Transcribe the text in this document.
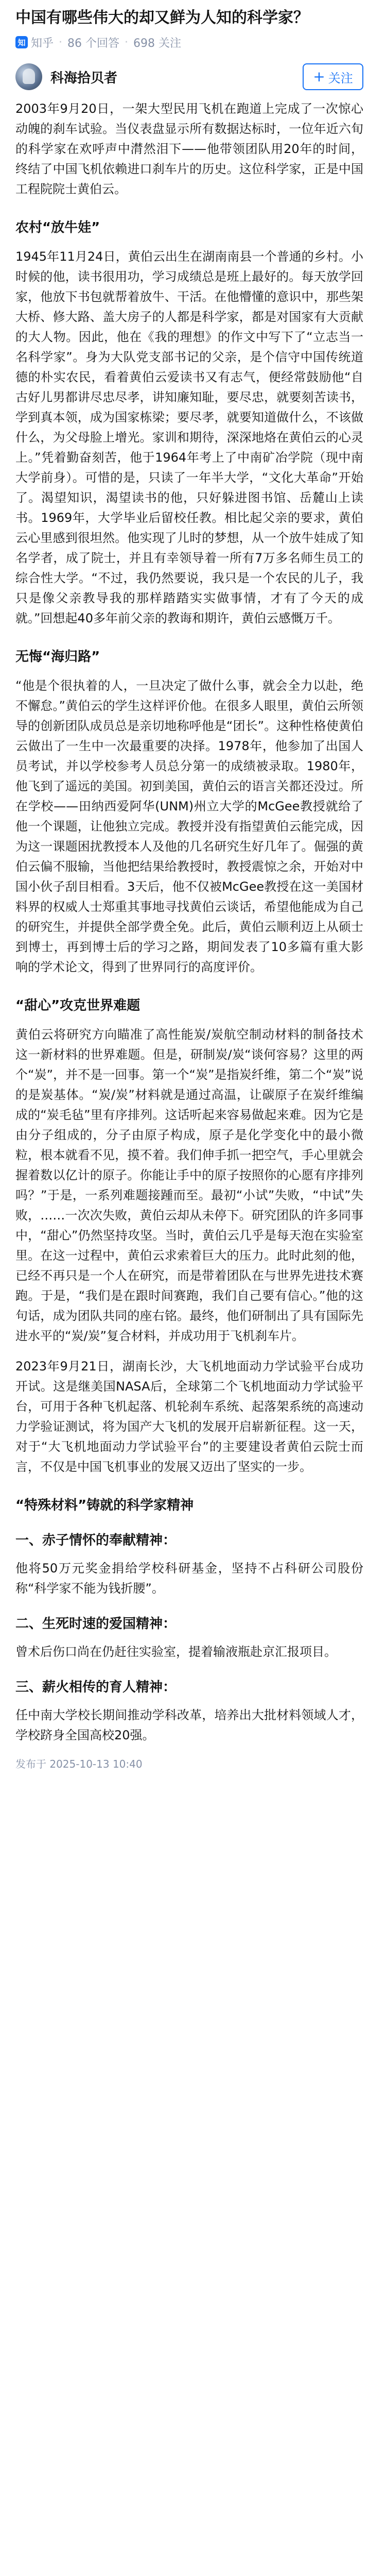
中国有哪些伟大的却又鲜为人知的科学家？
知 知乎 · 86 个回答 · 698 关注
科海拾贝者	+ 关注

2003年9月20日，一架大型民用飞机在跑道上完成了一次惊心动魄的刹车试验。当仪表盘显示所有数据达标时，一位年近六旬的科学家在欢呼声中潸然泪下——他带领团队用20年的时间，终结了中国飞机依赖进口刹车片的历史。这位科学家，正是中国工程院院士黄伯云。

农村“放牛娃”

1945年11月24日，黄伯云出生在湖南南县一个普通的乡村。小时候的他，读书很用功，学习成绩总是班上最好的。每天放学回家，他放下书包就帮着放牛、干活。在他懵懂的意识中，那些架大桥、修大路、盖大房子的人都是科学家，都是对国家有大贡献的大人物。因此，他在《我的理想》的作文中写下了“立志当一名科学家”。身为大队党支部书记的父亲，是个信守中国传统道德的朴实农民，看着黄伯云爱读书又有志气，便经常鼓励他“自古好儿男都讲尽忠尽孝，讲知廉知耻，要尽忠，就要刻苦读书，学到真本领，成为国家栋梁；要尽孝，就要知道做什么，不该做什么，为父母脸上增光。家训和期待，深深地烙在黄伯云的心灵上。”凭着勤奋刻苦，他于1964年考上了中南矿冶学院（现中南大学前身）。可惜的是，只读了一年半大学，“文化大革命”开始了。渴望知识，渴望读书的他，只好躲进图书馆、岳麓山上读书。1969年，大学毕业后留校任教。相比起父亲的要求，黄伯云心里感到很坦然。他实现了儿时的梦想，从一个放牛娃成了知名学者，成了院士，并且有幸领导着一所有7万多名师生员工的综合性大学。“不过，我仍然要说，我只是一个农民的儿子，我只是像父亲教导我的那样踏踏实实做事情，才有了今天的成就。”回想起40多年前父亲的教诲和期许，黄伯云感慨万千。

无悔“海归路”

“他是个很执着的人，一旦决定了做什么事，就会全力以赴，绝不懈怠。”黄伯云的学生这样评价他。在很多人眼里，黄伯云所领导的创新团队成员总是亲切地称呼他是“团长”。这种性格使黄伯云做出了一生中一次最重要的决择。1978年，他参加了出国人员考试，并以学校参考人员总分第一的成绩被录取。1980年，他飞到了遥远的美国。初到美国，黄伯云的语言关都还没过。所在学校——田纳西爱阿华(UNM)州立大学的McGee教授就给了他一个课题，让他独立完成。教授并没有指望黄伯云能完成，因为这一课题困扰教授本人及他的几名研究生好几年了。倔强的黄伯云偏不服输，当他把结果给教授时，教授震惊之余，开始对中国小伙子刮目相看。3天后，他不仅被McGee教授在这一美国材料界的权威人士郑重其事地寻找黄伯云谈话，希望他能成为自己的研究生，并提供全部学费全免。此后，黄伯云顺利迈上从硕士到博士，再到博士后的学习之路，期间发表了10多篇有重大影响的学术论文，得到了世界同行的高度评价。

“甜心”攻克世界难题

黄伯云将研究方向瞄准了高性能炭/炭航空制动材料的制备技术这一新材料的世界难题。但是，研制炭/炭“谈何容易？这里的两个“炭”，并不是一回事。第一个“炭”是指炭纤维，第二个“炭”说的是炭基体。“炭/炭”材料就是通过高温，让碳原子在炭纤维编成的“炭毛毡”里有序排列。这话听起来容易做起来难。因为它是由分子组成的，分子由原子构成，原子是化学变化中的最小微粒，根本就看不见，摸不着。我们伸手抓一把空气，手心里就会握着数以亿计的原子。你能让手中的原子按照你的心愿有序排列吗？”于是，一系列难题接踵而至。最初“小试”失败，“中试”失败，……一次次失败，黄伯云却从未停下。研究团队的许多同事中，“甜心”仍然坚持攻坚。当时，黄伯云几乎是每天泡在实验室里。在这一过程中，黄伯云求索着巨大的压力。此时此刻的他，已经不再只是一个人在研究，而是带着团队在与世界先进技术赛跑。于是，“我们是在跟时间赛跑，我们自己要有信心。”他的这句话，成为团队共同的座右铭。最终，他们研制出了具有国际先进水平的“炭/炭”复合材料，并成功用于飞机刹车片。

2023年9月21日，湖南长沙，大飞机地面动力学试验平台成功开试。这是继美国NASA后，全球第二个飞机地面动力学试验平台，可用于各种飞机起落、机轮刹车系统、起落架系统的高速动力学验证测试，将为国产大飞机的发展开启崭新征程。这一天，对于“大飞机地面动力学试验平台”的主要建设者黄伯云院士而言，不仅是中国飞机事业的发展又迈出了坚实的一步。

“特殊材料”铸就的科学家精神
一、赤子情怀的奉献精神：

他将50万元奖金捐给学校科研基金，坚持不占科研公司股份称“科学家不能为钱折腰”。

二、生死时速的爱国精神：

曾术后伤口尚在仍赶往实验室，提着输液瓶赴京汇报项目。

三、薪火相传的育人精神：

任中南大学校长期间推动学科改革，培养出大批材料领域人才，学校跻身全国高校20强。

发布于 2025-10-13 10:40
